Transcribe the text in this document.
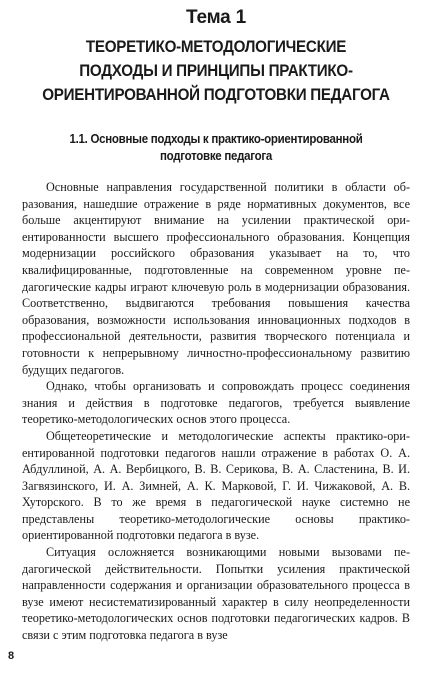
Тема 1
ТЕОРЕТИКО-МЕТОДОЛОГИЧЕСКИЕ
ПОДХОДЫ И ПРИНЦИПЫ ПРАКТИКО-
ОРИЕНТИРОВАННОЙ ПОДГОТОВКИ ПЕДАГОГА
1.1. Основные подходы к практико-ориентированной
подготовке педагога

Основные направления государственной политики в области образования, нашедшие отражение в ряде нормативных документов, все больше акцентируют внимание на усилении практической ориентированности высшего профессионального образования. Концепция модернизации российского образования указывает на то, что квалифицированные, подготовленные на современном уровне педагогические кадры играют ключевую роль в модернизации образования. Соответственно, выдвигаются требования повышения качества образования, возможности использования инновационных подходов в профессиональной деятельности, развития творческого потенциала и готовности к непрерывному личностно-профессиональному развитию будущих педагогов.

Однако, чтобы организовать и сопровождать процесс соединения знания и действия в подготовке педагогов, требуется выявление теоретико-методологических основ этого процесса.

Общетеоретические и методологические аспекты практико-ориентированной подготовки педагогов нашли отражение в работах О. А. Абдуллиной, А. А. Вербицкого, В. В. Серикова, В. А. Сластенина, В. И. Загвязинского, И. А. Зимней, А. К. Марковой, Г. И. Чижаковой, А. В. Хуторского. В то же время в педагогической науке системно не представлены теоретико-методологические основы практико-ориентированной подготовки педагога в вузе.

Ситуация осложняется возникающими новыми вызовами педагогической действительности. Попытки усиления практической направленности содержания и организации образовательного процесса в вузе имеют несистематизированный характер в силу неопределенности теоретико-методологических основ подготовки педагогических кадров. В связи с этим подготовка педагога в вузе

8
